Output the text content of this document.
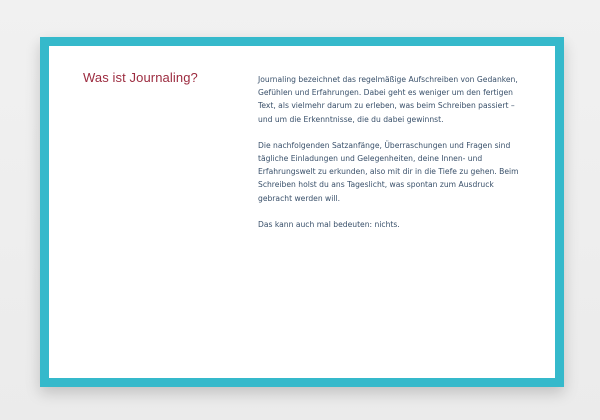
Was ist Journaling?	Journaling bezeichnet das regelmäßige Aufschreiben von Gedanken, Gefühlen und Erfahrungen. Dabei geht es weniger um den fertigen Text, als vielmehr darum zu erleben, was beim Schreiben passiert – und um die Erkenntnisse, die du dabei gewinnst.

Die nachfolgenden Satzanfänge, Überraschungen und Fragen sind tägliche Einladungen und Gelegenheiten, deine Innen- und Erfahrungswelt zu erkunden, also mit dir in die Tiefe zu gehen. Beim Schreiben holst du ans Tageslicht, was spontan zum Ausdruck gebracht werden will.

Das kann auch mal bedeuten: nichts.
